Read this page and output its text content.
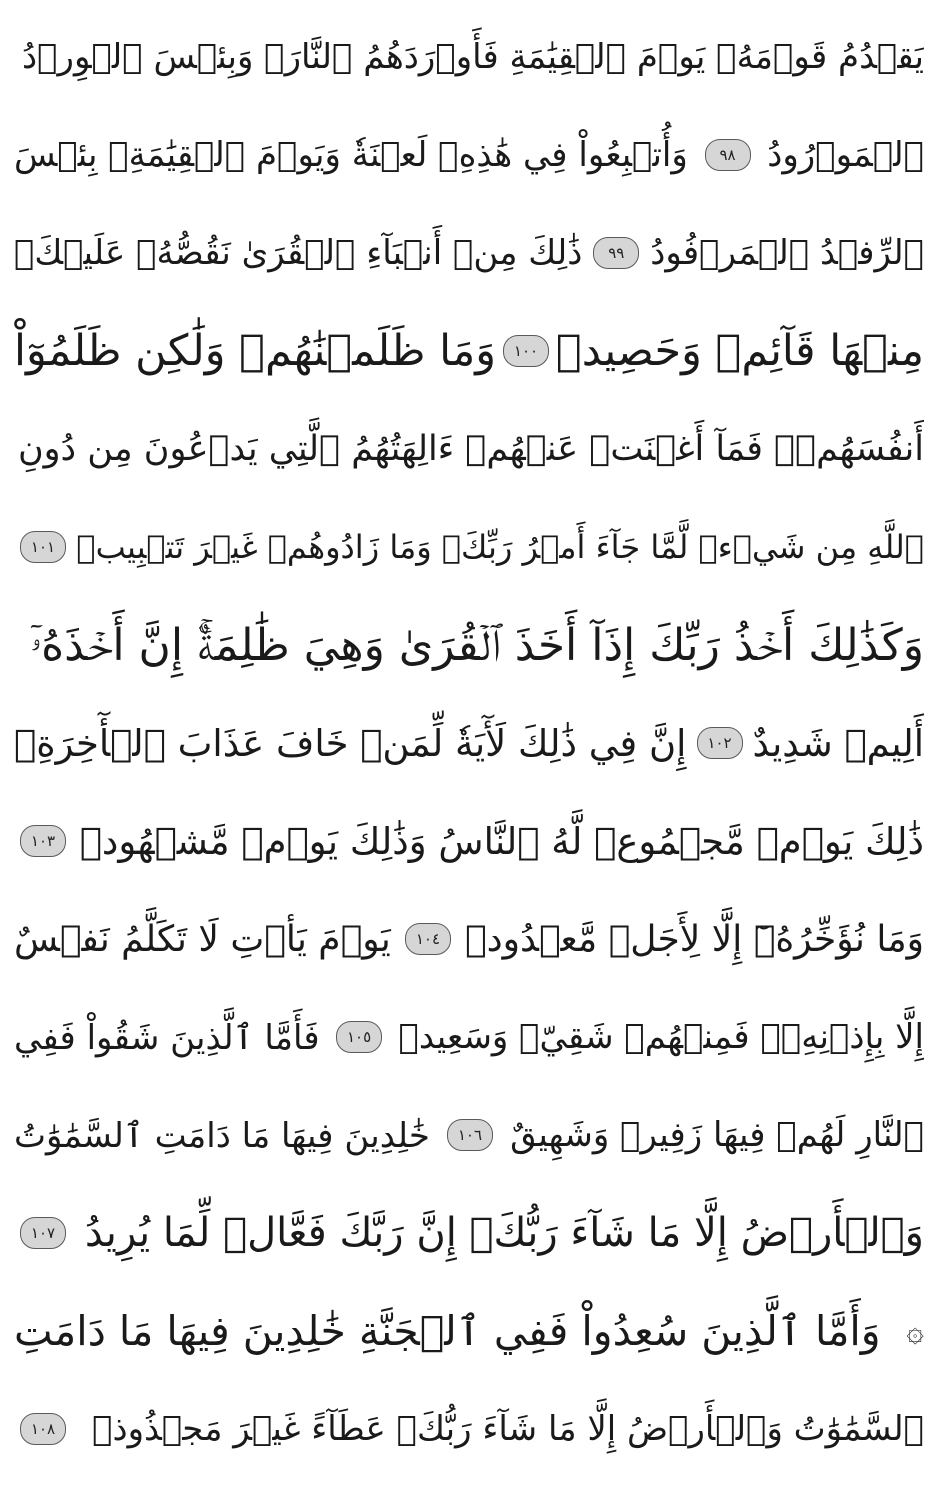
يَقۡدُمُ قَوۡمَهُۥ يَوۡمَ ٱلۡقِيَٰمَةِ فَأَوۡرَدَهُمُ ٱلنَّارَۖ وَبِئۡسَ ٱلۡوِرۡدُ
ٱلۡمَوۡرُودُ
٩٨
وَأُتۡبِعُواْ فِي هَٰذِهِۦ لَعۡنَةٗ وَيَوۡمَ ٱلۡقِيَٰمَةِۚ بِئۡسَ
ٱلرِّفۡدُ ٱلۡمَرۡفُودُ
٩٩
ذَٰلِكَ مِنۡ أَنۢبَآءِ ٱلۡقُرَىٰ نَقُصُّهُۥ عَلَيۡكَۖ
مِنۡهَا قَآئِمٞ وَحَصِيدٞ
١٠٠
وَمَا ظَلَمۡنَٰهُمۡ وَلَٰكِن ظَلَمُوٓاْ
أَنفُسَهُمۡۖ فَمَآ أَغۡنَتۡ عَنۡهُمۡ ءَالِهَتُهُمُ ٱلَّتِي يَدۡعُونَ مِن دُونِ
ٱللَّهِ مِن شَيۡءٖ لَّمَّا جَآءَ أَمۡرُ رَبِّكَۖ وَمَا زَادُوهُمۡ غَيۡرَ تَتۡبِيبٖ
١٠١
وَكَذَٰلِكَ أَخۡذُ رَبِّكَ إِذَآ أَخَذَ ٱلۡقُرَىٰ وَهِيَ ظَٰلِمَةٌۚ إِنَّ أَخۡذَهُۥٓ
أَلِيمٞ شَدِيدٌ
١٠٢
إِنَّ فِي ذَٰلِكَ لَأٓيَةٗ لِّمَنۡ خَافَ عَذَابَ ٱلۡأٓخِرَةِۚ
ذَٰلِكَ يَوۡمٞ مَّجۡمُوعٞ لَّهُ ٱلنَّاسُ وَذَٰلِكَ يَوۡمٞ مَّشۡهُودٞ
١٠٣
وَمَا نُؤَخِّرُهُۥٓ إِلَّا لِأَجَلٖ مَّعۡدُودٖ
١٠٤
يَوۡمَ يَأۡتِ لَا تَكَلَّمُ نَفۡسٌ
إِلَّا بِإِذۡنِهِۦۚ فَمِنۡهُمۡ شَقِيّٞ وَسَعِيدٞ
١٠٥
فَأَمَّا ٱلَّذِينَ شَقُواْ فَفِي
ٱلنَّارِ لَهُمۡ فِيهَا زَفِيرٞ وَشَهِيقٌ
١٠٦
خَٰلِدِينَ فِيهَا مَا دَامَتِ ٱلسَّمَٰوَٰتُ
وَٱلۡأَرۡضُ إِلَّا مَا شَآءَ رَبُّكَۚ إِنَّ رَبَّكَ فَعَّالٞ لِّمَا يُرِيدُ
١٠٧
۞
وَأَمَّا ٱلَّذِينَ سُعِدُواْ فَفِي ٱلۡجَنَّةِ خَٰلِدِينَ فِيهَا مَا دَامَتِ
ٱلسَّمَٰوَٰتُ وَٱلۡأَرۡضُ إِلَّا مَا شَآءَ رَبُّكَۖ عَطَآءً غَيۡرَ مَجۡذُوذٖ
١٠٨
